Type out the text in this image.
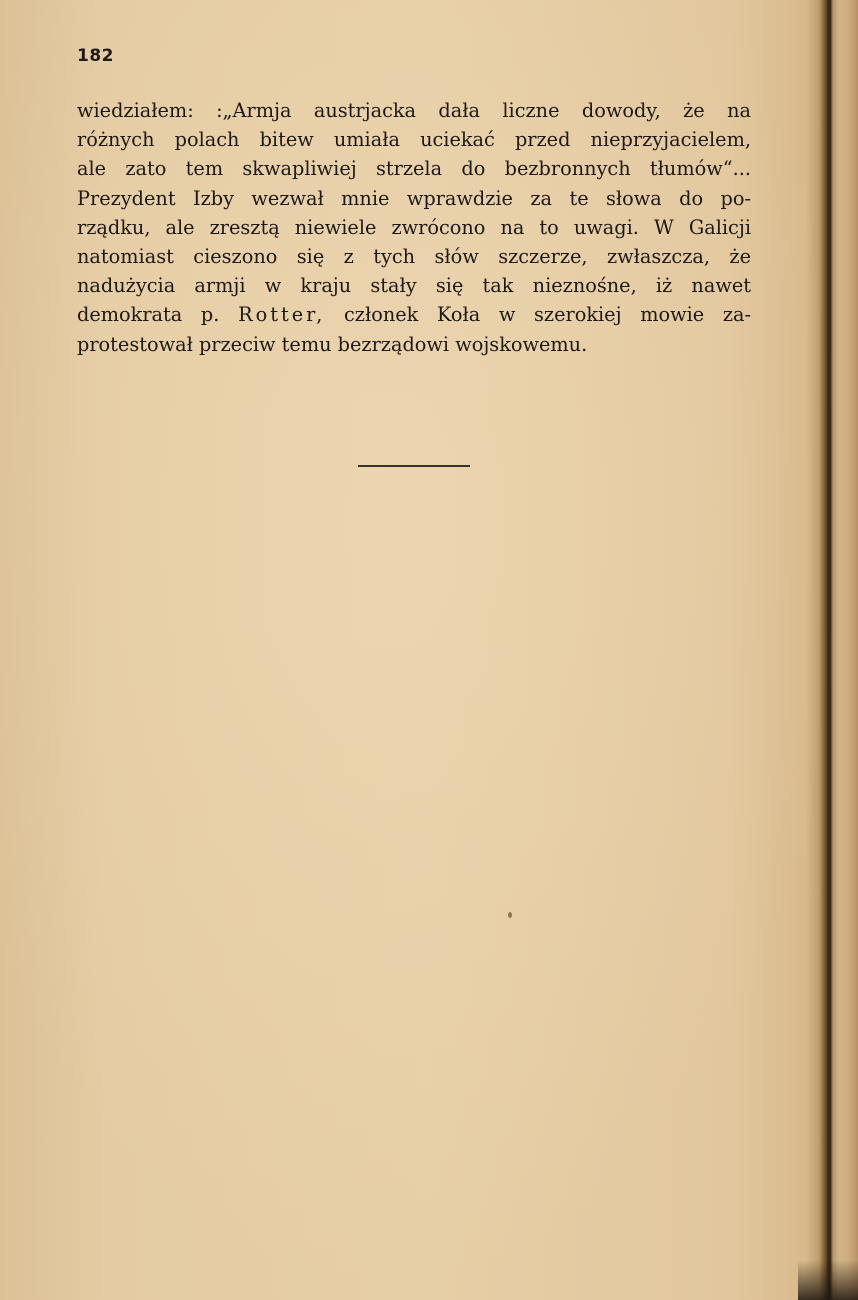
182
wiedziałem: :„Armja austrjacka dała liczne dowody, że na
różnych polach bitew umiała uciekać przed nieprzyjacielem,
ale zato tem skwapliwiej strzela do bezbronnych tłumów“...
Prezydent Izby wezwał mnie wprawdzie za te słowa do po-
rządku, ale zresztą niewiele zwrócono na to uwagi. W Galicji
natomiast cieszono się z tych słów szczerze, zwłaszcza, że
nadużycia armji w kraju stały się tak nieznośne, iż nawet
demokrata p. Rotter, członek Koła w szerokiej mowie za-
protestował przeciw temu bezrządowi wojskowemu.
